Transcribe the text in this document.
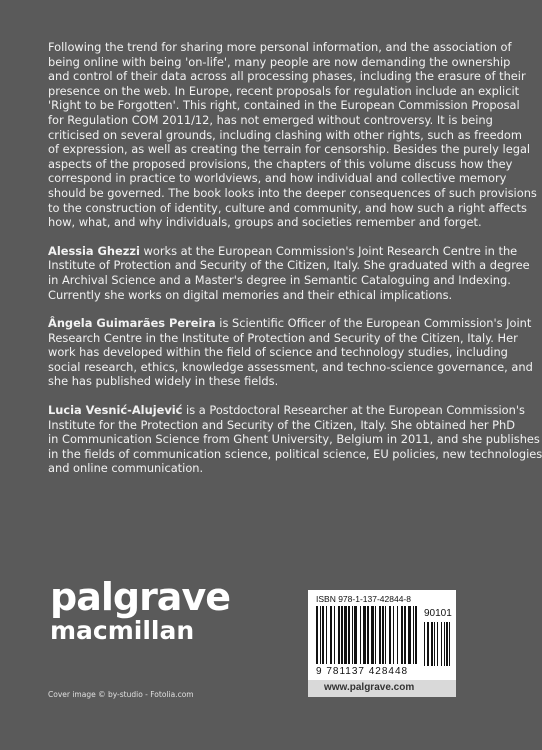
Following the trend for sharing more personal information, and the association of
being online with being 'on-life', many people are now demanding the ownership
and control of their data across all processing phases, including the erasure of their
presence on the web. In Europe, recent proposals for regulation include an explicit
'Right to be Forgotten'. This right, contained in the European Commission Proposal
for Regulation COM 2011/12, has not emerged without controversy. It is being
criticised on several grounds, including clashing with other rights, such as freedom
of expression, as well as creating the terrain for censorship. Besides the purely legal
aspects of the proposed provisions, the chapters of this volume discuss how they
correspond in practice to worldviews, and how individual and collective memory
should be governed. The book looks into the deeper consequences of such provisions
to the construction of identity, culture and community, and how such a right affects
how, what, and why individuals, groups and societies remember and forget.
Alessia Ghezzi works at the European Commission's Joint Research Centre in the
Institute of Protection and Security of the Citizen, Italy. She graduated with a degree
in Archival Science and a Master's degree in Semantic Cataloguing and Indexing.
Currently she works on digital memories and their ethical implications.
Ângela Guimarães Pereira is Scientific Officer of the European Commission's Joint
Research Centre in the Institute of Protection and Security of the Citizen, Italy. Her
work has developed within the field of science and technology studies, including
social research, ethics, knowledge assessment, and techno-science governance, and
she has published widely in these fields.
Lucia Vesnić-Alujević is a Postdoctoral Researcher at the European Commission's
Institute for the Protection and Security of the Citizen, Italy. She obtained her PhD
in Communication Science from Ghent University, Belgium in 2011, and she publishes
in the fields of communication science, political science, EU policies, new technologies
and online communication.
palgrave
macmillan
Cover image © by-studio - Fotolia.com
ISBN 978-1-137-42844-8
90101
9 781137 428448
www.palgrave.com
